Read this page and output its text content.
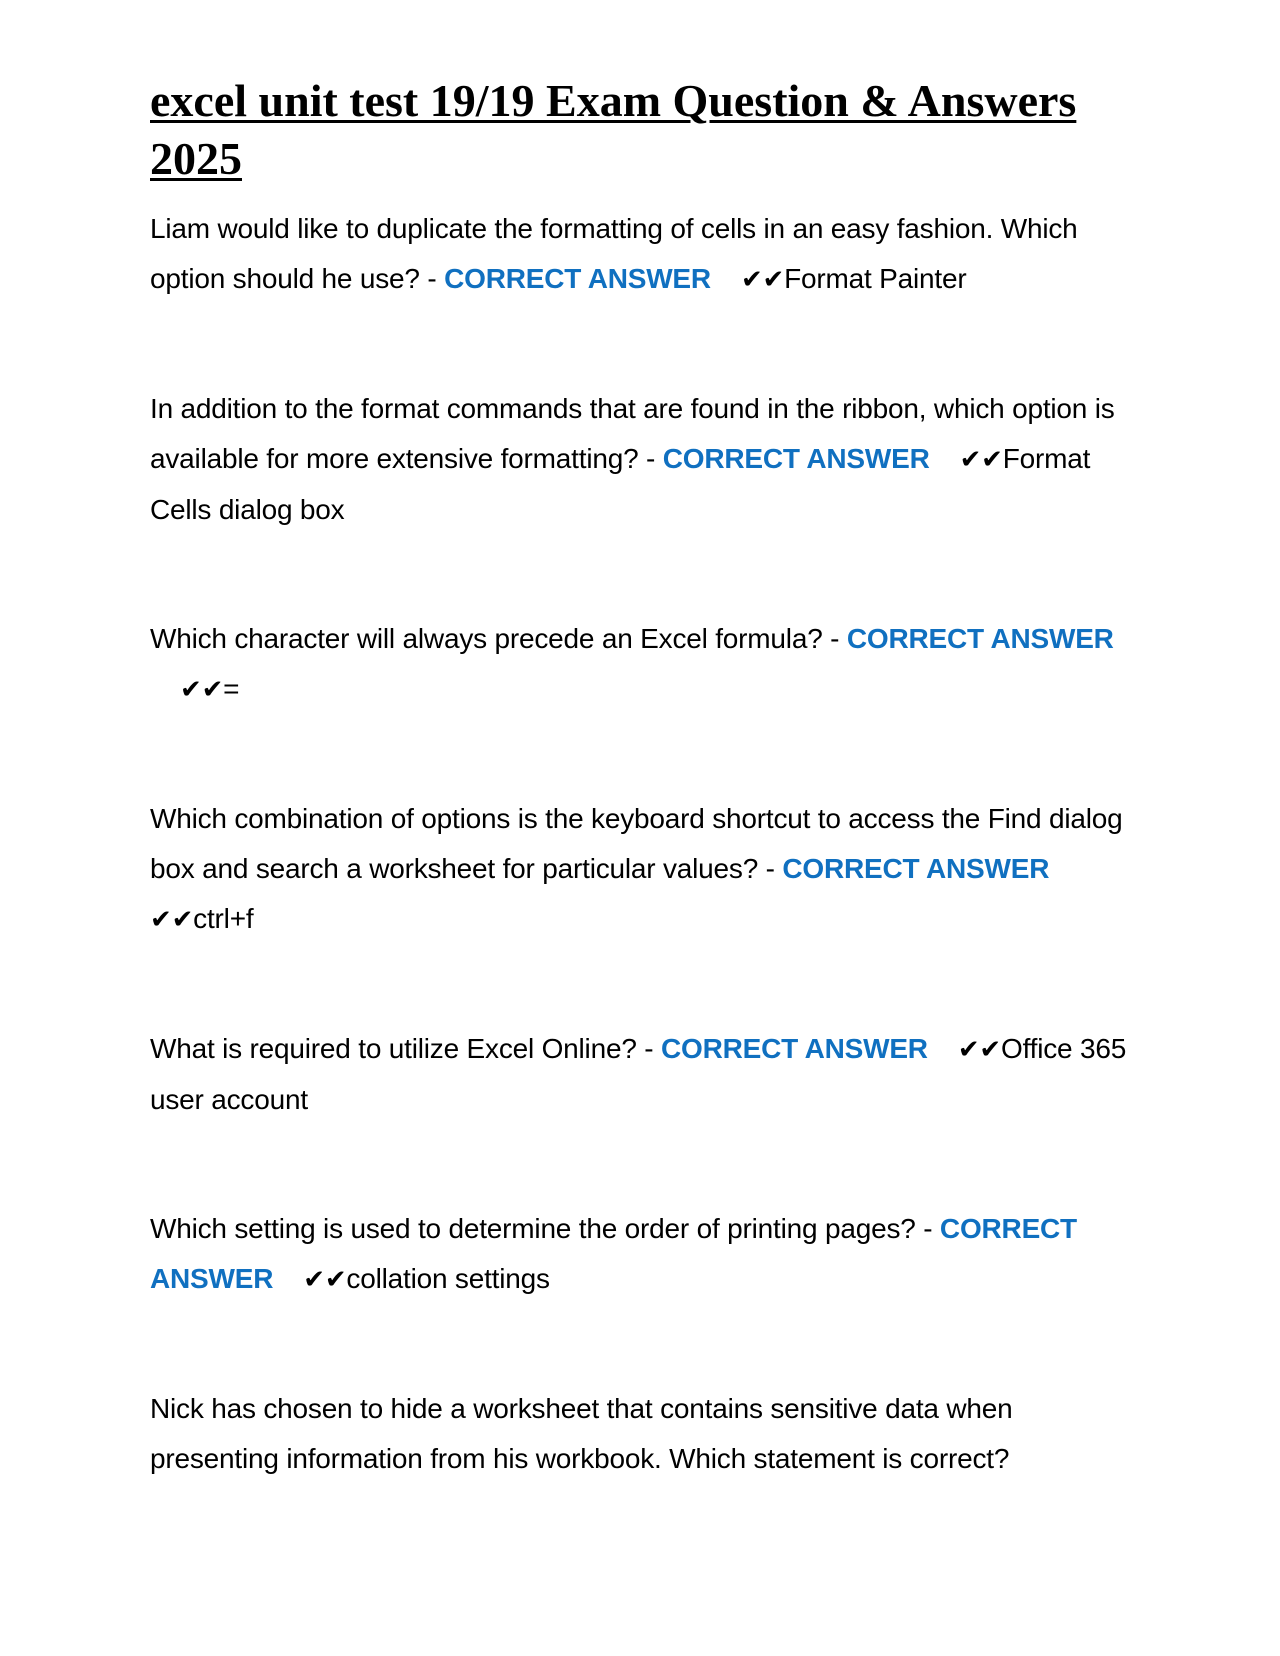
excel unit test 19/19 Exam Question & Answers 2025

Liam would like to duplicate the formatting of cells in an easy fashion. Which option should he use? - CORRECT ANSWER ✔✔Format Painter

In addition to the format commands that are found in the ribbon, which option is available for more extensive formatting? - CORRECT ANSWER ✔✔Format Cells dialog box

Which character will always precede an Excel formula? - CORRECT ANSWER✔✔=

Which combination of options is the keyboard shortcut to access the Find dialog box and search a worksheet for particular values? - CORRECT ANSWER✔✔ctrl+f

What is required to utilize Excel Online? - CORRECT ANSWER ✔✔Office 365 user account

Which setting is used to determine the order of printing pages? - CORRECT ANSWER ✔✔collation settings

Nick has chosen to hide a worksheet that contains sensitive data when presenting information from his workbook. Which statement is correct?
